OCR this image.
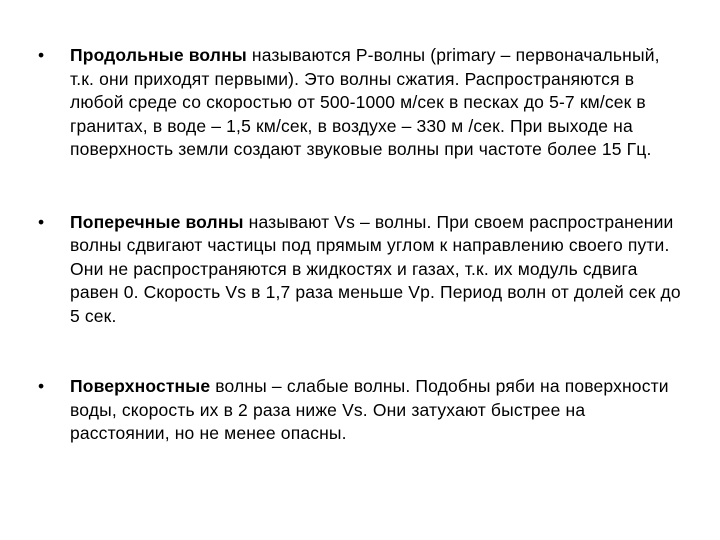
•	Продольные волны называются P-волны (primary – первоначальный, т.к. они приходят первыми). Это волны сжатия. Распространяются в любой среде со скоростью от 500-1000 м/сек в песках до 5-7 км/сек в гранитах, в воде – 1,5 км/сек, в воздухе – 330 м /сек. При выходе на поверхность земли создают звуковые волны при частоте более 15 Гц.
•	Поперечные волны называют Vs – волны. При своем распространении волны сдвигают частицы под прямым углом к направлению своего пути. Они не распространяются в жидкостях и газах, т.к. их модуль сдвига равен 0. Скорость Vs в 1,7 раза меньше Vp. Период волн от долей сек до 5 сек.
•	Поверхностные волны – слабые волны. Подобны ряби на поверхности воды, скорость их в 2 раза ниже Vs. Они затухают быстрее на расстоянии, но не менее опасны.
